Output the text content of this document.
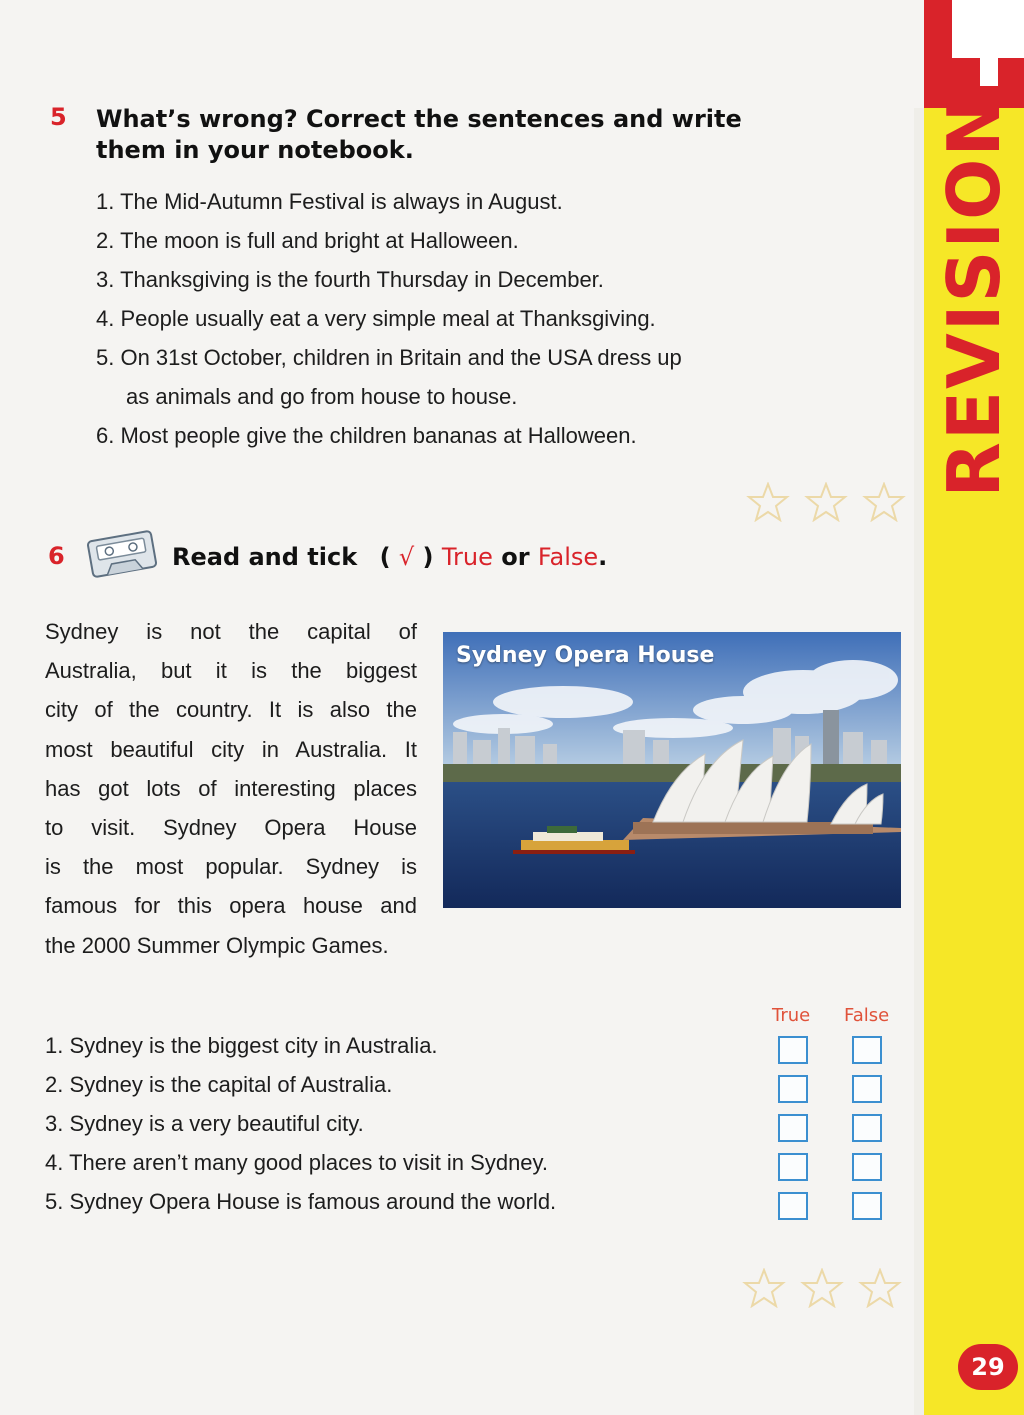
REVISION
29
5 What’s wrong? Correct the sentences and write
them in your notebook.
1. The Mid-Autumn Festival is always in August.
2. The moon is full and bright at Halloween.
3. Thanksgiving is the fourth Thursday in December.
4. People usually eat a very simple meal at Thanksgiving.
5. On 31st October, children in Britain and the USA dress up
as animals and go from house to house.
6. Most people give the children bananas at Halloween.
6	Read and tick ( √ ) True or False.
Sydney is not the capital of
Australia, but it is the biggest
city of the country. It is also the
most beautiful city in Australia. It
has got lots of interesting places
to visit. Sydney Opera House
is the most popular. Sydney is
famous for this opera house and
the 2000 Summer Olympic Games.
Sydney Opera House
True False
1. Sydney is the biggest city in Australia.
2. Sydney is the capital of Australia.
3. Sydney is a very beautiful city.
4. There aren’t many good places to visit in Sydney.
5. Sydney Opera House is famous around the world.
